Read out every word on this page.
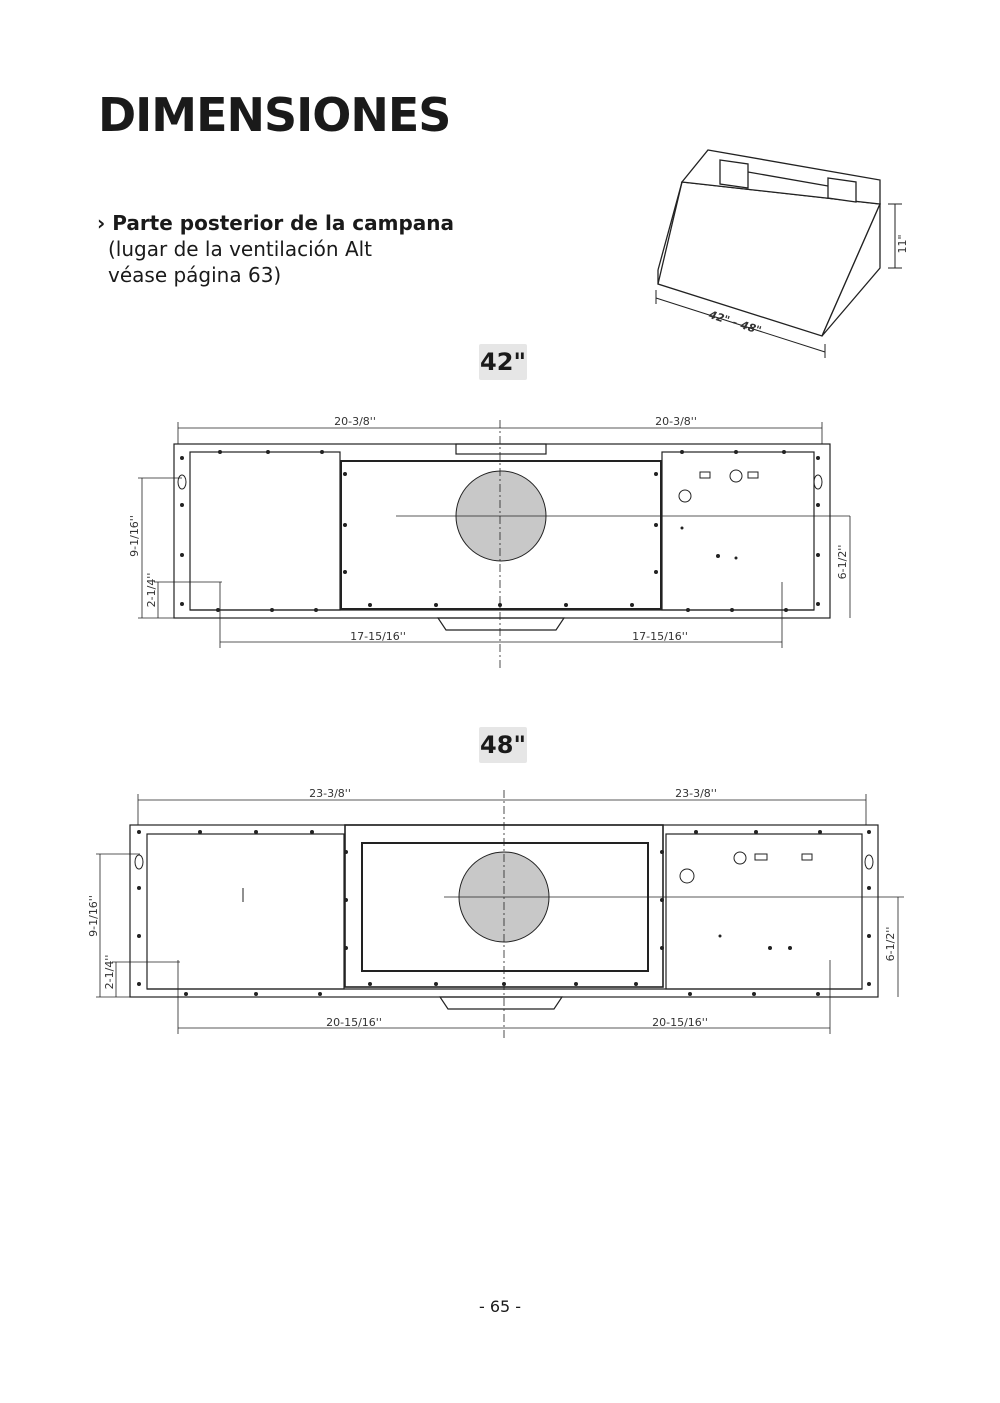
DIMENSIONES
› Parte posterior de la campana
(lugar de la ventilación Alt
véase página 63)
11"
42" - 48"
42"
48"
20-3/8''	20-3/8''
17-15/16''	17-15/16''
9-1/16''
2-1/4''
6-1/2''
23-3/8''	23-3/8''
20-15/16''	20-15/16''
9-1/16''
2-1/4''
6-1/2''
- 65 -
